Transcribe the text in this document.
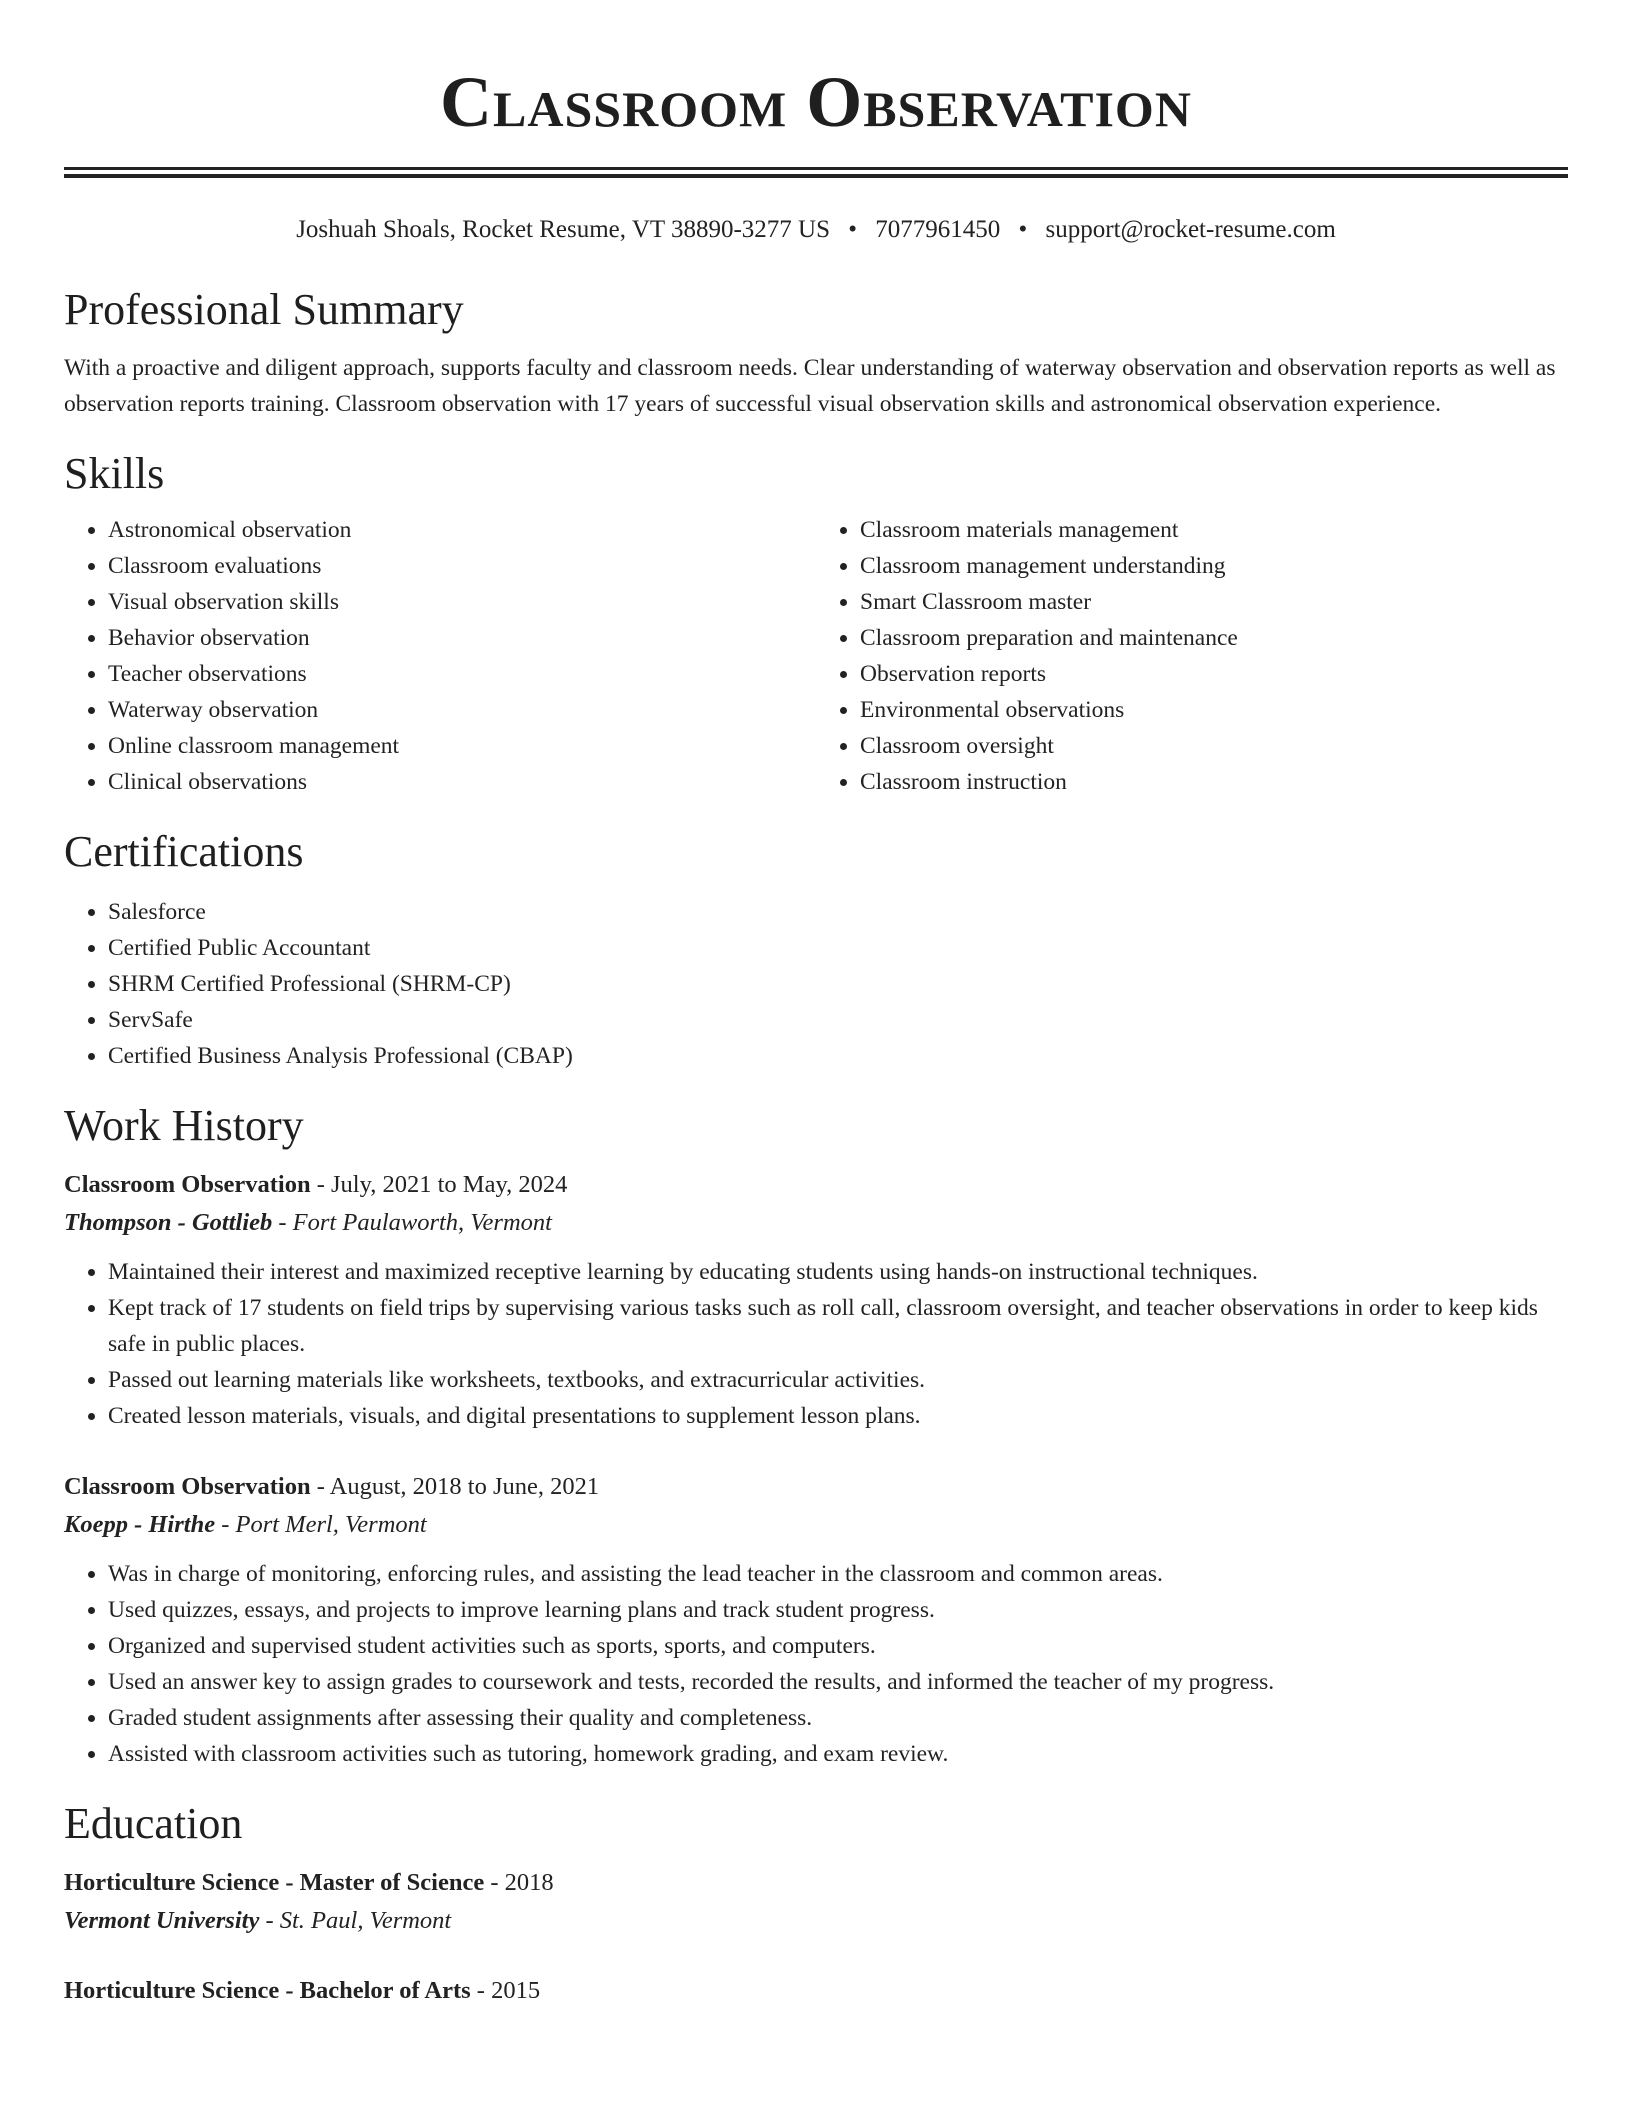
Classroom Observation
Joshuah Shoals, Rocket Resume, VT 38890-3277 US • 7077961450 • support@rocket-resume.com
Professional Summary
With a proactive and diligent approach, supports faculty and classroom needs. Clear understanding of waterway observation and observation reports as well as observation reports training. Classroom observation with 17 years of successful visual observation skills and astronomical observation experience.
Skills
• Astronomical observation
• Classroom evaluations
• Visual observation skills
• Behavior observation
• Teacher observations
• Waterway observation
• Online classroom management
• Clinical observations
• Classroom materials management
• Classroom management understanding
• Smart Classroom master
• Classroom preparation and maintenance
• Observation reports
• Environmental observations
• Classroom oversight
• Classroom instruction
Certifications
• Salesforce
• Certified Public Accountant
• SHRM Certified Professional (SHRM-CP)
• ServSafe
• Certified Business Analysis Professional (CBAP)
Work History
Classroom Observation - July, 2021 to May, 2024
Thompson - Gottlieb - Fort Paulaworth, Vermont
• Maintained their interest and maximized receptive learning by educating students using hands-on instructional techniques.
• Kept track of 17 students on field trips by supervising various tasks such as roll call, classroom oversight, and teacher observations in order to keep kids safe in public places.
• Passed out learning materials like worksheets, textbooks, and extracurricular activities.
• Created lesson materials, visuals, and digital presentations to supplement lesson plans.
Classroom Observation - August, 2018 to June, 2021
Koepp - Hirthe - Port Merl, Vermont
• Was in charge of monitoring, enforcing rules, and assisting the lead teacher in the classroom and common areas.
• Used quizzes, essays, and projects to improve learning plans and track student progress.
• Organized and supervised student activities such as sports, sports, and computers.
• Used an answer key to assign grades to coursework and tests, recorded the results, and informed the teacher of my progress.
• Graded student assignments after assessing their quality and completeness.
• Assisted with classroom activities such as tutoring, homework grading, and exam review.
Education
Horticulture Science - Master of Science - 2018
Vermont University - St. Paul, Vermont
Horticulture Science - Bachelor of Arts - 2015
